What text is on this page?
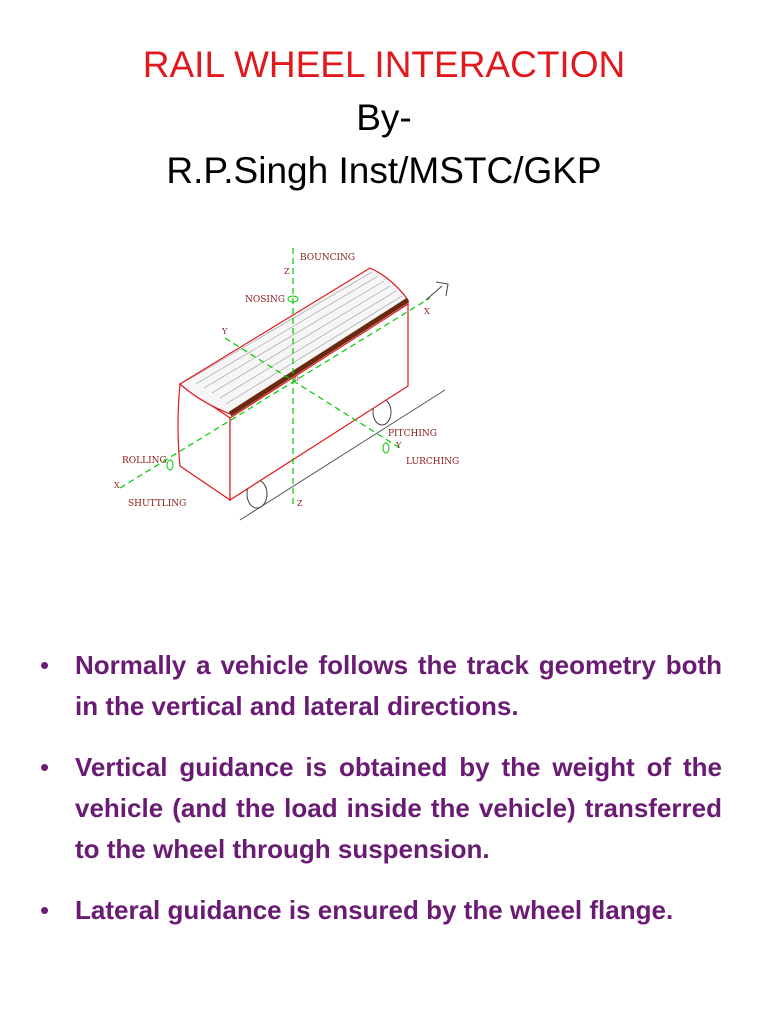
RAIL WHEEL INTERACTION
By-
R.P.Singh Inst/MSTC/GKP
BOUNCING
NOSING
ROLLING
SHUTTLING
PITCHING
LURCHING
Z
Z
Y
Y
X
X
o
• Normally a vehicle follows the track geometry both in the vertical and lateral directions.
• Vertical guidance is obtained by the weight of the vehicle (and the load inside the vehicle) transferred to the wheel through suspension.
• Lateral guidance is ensured by the wheel flange.
